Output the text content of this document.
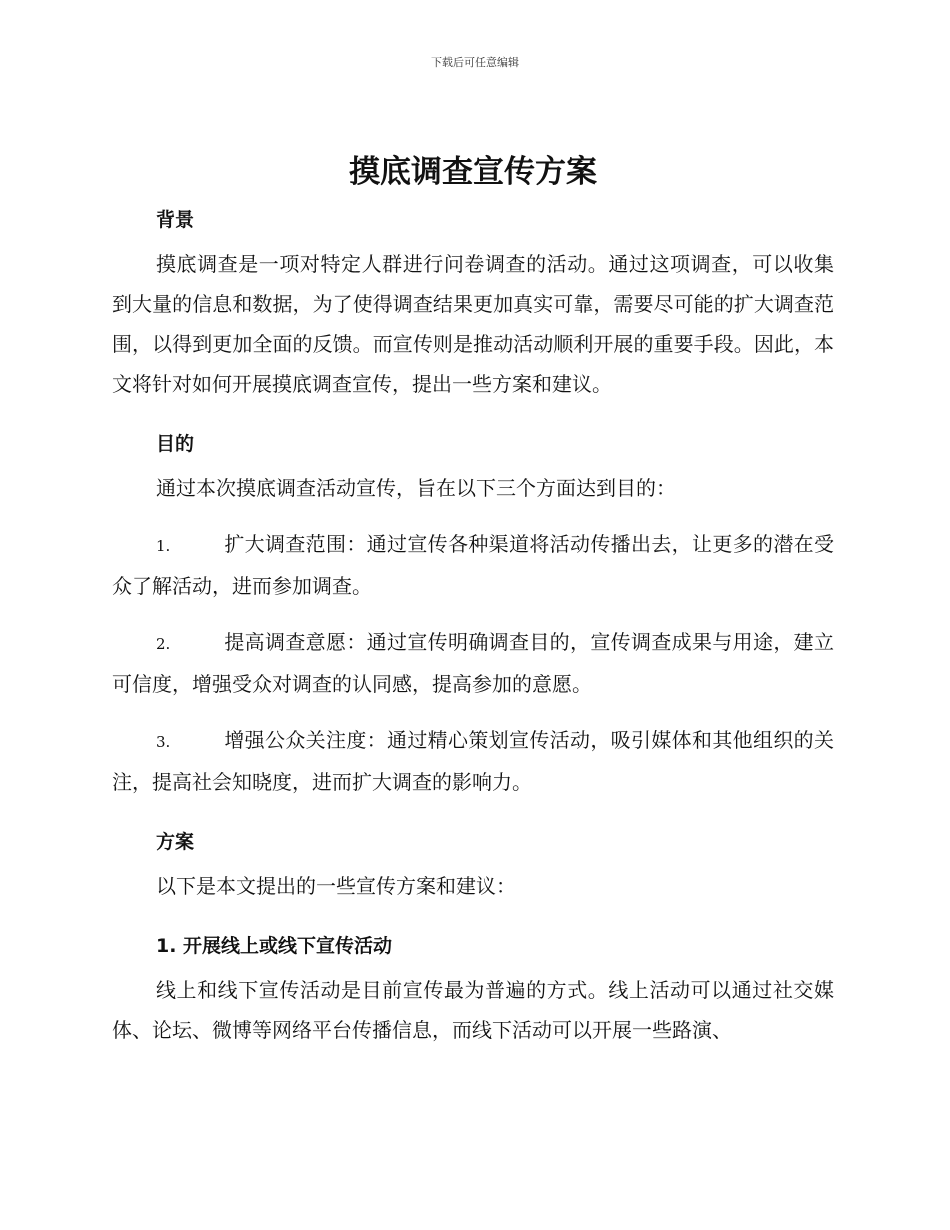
下载后可任意编辑
摸底调查宣传方案
背景

摸底调查是一项对特定人群进行问卷调查的活动。通过这项调查，可以收集到大量的信息和数据，为了使得调查结果更加真实可靠，需要尽可能的扩大调查范围，以得到更加全面的反馈。而宣传则是推动活动顺利开展的重要手段。因此，本文将针对如何开展摸底调查宣传，提出一些方案和建议。

目的

通过本次摸底调查活动宣传，旨在以下三个方面达到目的：

1.	扩大调查范围：通过宣传各种渠道将活动传播出去，让更多的潜在受众了解活动，进而参加调查。

2.	提高调查意愿：通过宣传明确调查目的，宣传调查成果与用途，建立可信度，增强受众对调查的认同感，提高参加的意愿。

3.	增强公众关注度：通过精心策划宣传活动，吸引媒体和其他组织的关注，提高社会知晓度，进而扩大调查的影响力。

方案

以下是本文提出的一些宣传方案和建议：

1. 开展线上或线下宣传活动

线上和线下宣传活动是目前宣传最为普遍的方式。线上活动可以通过社交媒体、论坛、微博等网络平台传播信息，而线下活动可以开展一些路演、
